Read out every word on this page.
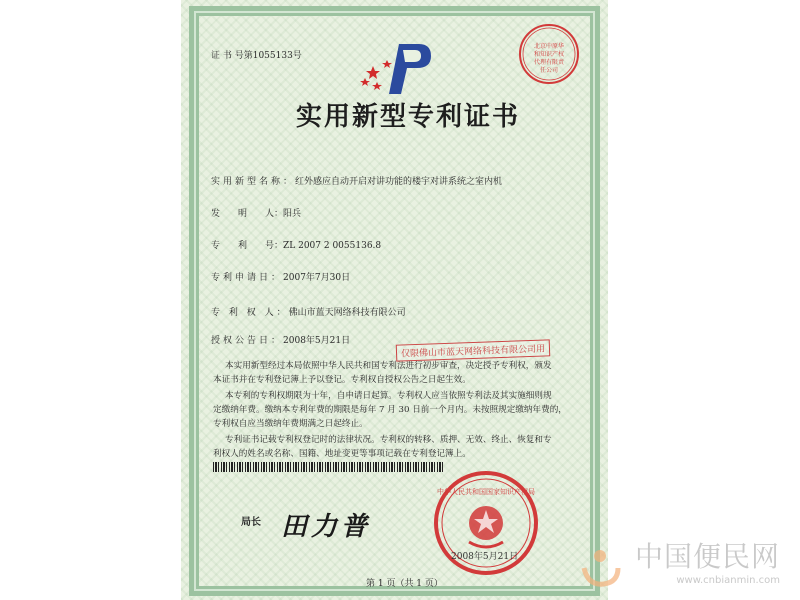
证 书 号第1055133号
北京中原华和知识产权代理有限责任公司
实用新型专利证书
实用新型名称：红外感应自动开启对讲功能的楼宇对讲系统之室内机
发　　明　　人：阳兵
专　　利　　号：ZL 2007 2 0055136.8
专利申请日：2007年7月30日
专 利 权 人：佛山市蓝天网络科技有限公司
授权公告日：2008年5月21日
本实用新型经过本局依照中华人民共和国专利法进行初步审查，决定授予专利权，颁发
本证书并在专利登记簿上予以登记。专利权自授权公告之日起生效。
本专利的专利权期限为十年，自申请日起算。专利权人应当依照专利法及其实施细则规
定缴纳年费。缴纳本专利年费的期限是每年 7 月 30 日前一个月内。未按照规定缴纳年费的，
专利权自应当缴纳年费期满之日起终止。
专利证书记载专利权登记时的法律状况。专利权的转移、质押、无效、终止、恢复和专
利权人的姓名或名称、国籍、地址变更等事项记载在专利登记簿上。
仅限佛山市蓝天网络科技有限公司用
局长 田力普
中华人民共和国国家知识产权局
2008年5月21日
第 1 页（共 1 页）
中国便民网
www.cnbianmin.com
